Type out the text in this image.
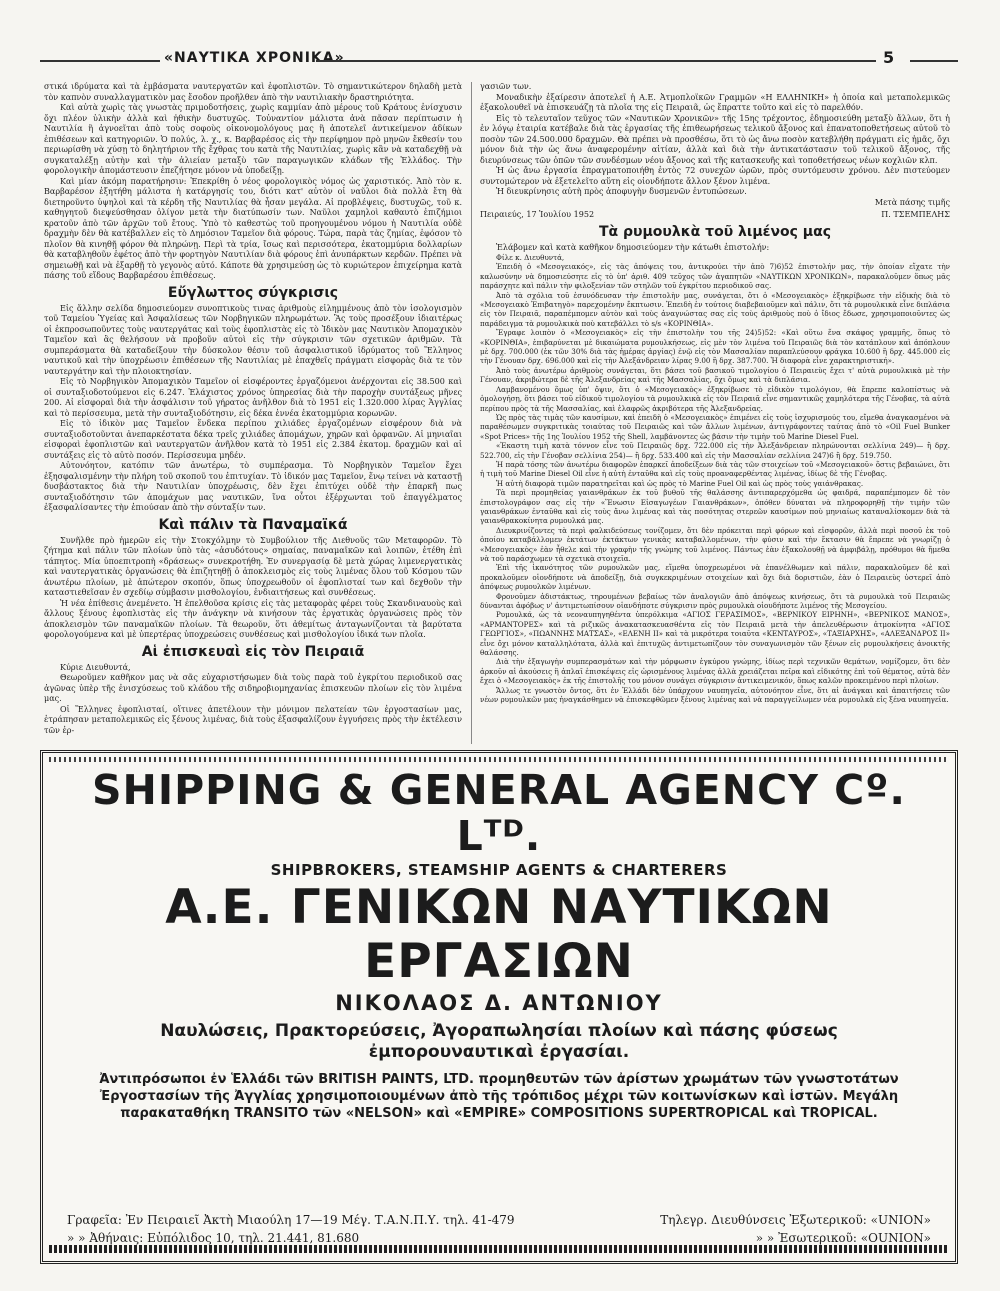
«ΝΑΥΤΙΚΑ ΧΡΟΝΙΚΑ»	5

στικά ιδρύματα καὶ τὰ ἐμβάσματα ναυτεργατῶν καὶ ἐφοπλιστῶν. Τὸ σημαντικώτερον δηλαδὴ μετὰ τὸν καπνὸν συναλλαγματικὸν μας ἔσοδον προῆλθεν ἀπὸ τὴν ναυτιλιακὴν δραστηριότητα.

Καὶ αὐτὰ χωρὶς τὰς γνωστὰς πριμοδοτήσεις, χωρὶς καμμίαν ἀπὸ μέρους τοῦ Κράτους ἐνίσχυσιν ὄχι πλέον ὑλικὴν ἀλλὰ καὶ ἠθικὴν δυστυχῶς. Τοὐναντίον μάλιστα ἀνὰ πᾶσαν περίπτωσιν ἡ Ναυτιλία ἢ ἀγνοεῖται ἀπὸ τοὺς σοφοὺς οἰκονομολόγους μας ἢ ἀποτελεῖ ἀντικείμενον ἀδίκων ἐπιθέσεων καὶ κατηγοριῶν. Ὁ πολύς, λ. χ., κ. Βαρβαρέσος εἰς τὴν περίφημον πρὸ μηνῶν ἔκθεσίν του περιωρίσθη νὰ χύσῃ τὸ δηλητήριον τῆς ἔχθρας του κατὰ τῆς Ναυτιλίας, χωρὶς κἂν νὰ καταδεχθῇ νὰ συγκαταλέξῃ αὐτὴν καὶ τὴν ἁλιείαν μεταξὺ τῶν παραγωγικῶν κλάδων τῆς Ἑλλάδος. Τὴν φορολογικὴν ἀπομάστευσιν ἐπεζήτησε μόνον νὰ ὑποδείξῃ.

Καὶ μίαν ἀκόμη παρατήρησιν: Ἐπεκρίθη ὁ νέος φορολογικὸς νόμος ὡς χαριστικός. Ἀπὸ τὸν κ. Βαρβαρέσον ἐξητήθη μάλιστα ἡ κατάργησίς του, διότι κατ' αὐτὸν οἱ ναῦλοι διὰ πολλὰ ἔτη θὰ διετηροῦντο ὑψηλοὶ καὶ τὰ κέρδη τῆς Ναυτιλίας θὰ ἦσαν μεγάλα. Αἱ προβλέψεις, δυστυχῶς, τοῦ κ. καθηγητοῦ διεψεύσθησαν ὀλίγον μετὰ τὴν διατύπωσίν των. Ναῦλοι χαμηλοὶ καθαυτὸ ἐπιζήμιοι κρατοῦν ἀπὸ τῶν ἀρχῶν τοῦ ἔτους. Ὑπὸ τὸ καθεστὼς τοῦ προηγουμένου νόμου ἡ Ναυτιλία οὐδὲ δραχμὴν δὲν θὰ κατέβαλλεν εἰς τὸ Δημόσιον Ταμεῖον διὰ φόρους. Τώρα, παρὰ τὰς ζημίας, ἐφόσον τὸ πλοῖον θὰ κινηθῇ φόρον θὰ πληρώνῃ. Περὶ τὰ τρία, ἴσως καὶ περισσότερα, ἑκατομμύρια δολλαρίων θὰ καταβληθοῦν ἐφέτος ἀπὸ τὴν φορτηγὸν Ναυτιλίαν διὰ φόρους ἐπὶ ἀνυπάρκτων κερδῶν. Πρέπει νὰ σημειωθῇ καὶ νὰ ἐξαρθῇ τὸ γεγονὸς αὐτό. Κάποτε θὰ χρησιμεύσῃ ὡς τὸ κυριώτερον ἐπιχείρημα κατὰ πάσης τοῦ εἴδους Βαρβαρέσου ἐπιθέσεως.

Εὔγλωττος σύγκρισις

Εἰς ἄλλην σελίδα δημοσιεύομεν συνοπτικοὺς τινας ἀριθμοὺς εἰλημμένους ἀπὸ τὸν ἰσολογισμὸν τοῦ Ταμείου Ὑγείας καὶ Ἀσφαλίσεως τῶν Νορβηγικῶν πληρωμάτων. Ἂς τοὺς προσέξουν ἰδιαιτέρως οἱ ἐκπροσωποῦντες τοὺς ναυτεργάτας καὶ τοὺς ἐφοπλιστὰς εἰς τὸ Ἰδικὸν μας Ναυτικὸν Ἀπομαχικὸν Ταμεῖον καὶ ἂς θελήσουν νὰ προβοῦν αὐτοὶ εἰς τὴν σύγκρισιν τῶν σχετικῶν ἀριθμῶν. Τὰ συμπεράσματα θὰ καταδείξουν τὴν δύσκολον θέσιν τοῦ ἀσφαλιστικοῦ ἱδρύματος τοῦ Ἕλληνος ναυτικοῦ καὶ τὴν ὑποχρέωσιν ἐπιθέσεων τῆς Ναυτιλίας μὲ ἐπαχθεῖς πράγματι εἰσφορὰς διὰ τε τὸν ναυτεργάτην καὶ τὴν πλοιοκτησίαν.

Εἰς τὸ Νορβηγικὸν Ἀπομαχικὸν Ταμεῖον οἱ εἰσφέροντες ἐργαζόμενοι ἀνέρχονται εἰς 38.500 καὶ οἱ συνταξιοδοτούμενοι εἰς 6.247. Ἐλάχιστος χρόνος ὑπηρεσίας διὰ τὴν παροχὴν συντάξεως μῆνες 200. Αἱ εἰσφοραὶ διὰ τὴν ἀσφάλισιν τοῦ γήρατος ἀνῆλθον διὰ τὸ 1951 εἰς 1.320.000 λίρας Ἀγγλίας καὶ τὸ περίσσευμα, μετὰ τὴν συνταξιοδότησιν, εἰς δέκα ἐννέα ἑκατομμύρια κορωνῶν.

Εἰς τὸ ἰδικὸν μας Ταμεῖον ἕνδεκα περίπου χιλιάδες ἐργαζομένων εἰσφέρουν διὰ νὰ συνταξιοδοτοῦνται ἀνεπαρκέστατα δέκα τρεῖς χιλιάδες ἀπομάχων, χηρῶν καὶ ὀρφανῶν. Αἱ μηνιαῖαι εἰσφοραὶ ἐφοπλιστῶν καὶ ναυτεργατῶν ἀνῆλθον κατὰ τὸ 1951 εἰς 2.384 ἑκατομ. δραχμῶν καὶ αἱ συντάξεις εἰς τὸ αὐτὸ ποσόν. Περίσσευμα μηδέν.

Αὐτονόητον, κατόπιν τῶν ἀνωτέρω, τὸ συμπέρασμα. Τὸ Νορβηγικὸν Ταμεῖον ἔχει ἐξησφαλισμένην τὴν πλήρη τοῦ σκοποῦ του ἐπιτυχίαν. Τὸ ἰδικόν μας Ταμεῖον, ἕνῳ τείνει νὰ καταστῇ δυσβάστακτος διὰ τὴν Ναυτιλίαν ὑποχρέωσις, δὲν ἔχει ἐπιτύχει οὐδὲ τὴν ἐπαρκῆ πως συνταξιοδότησιν τῶν ἀπομάχων μας ναυτικῶν, ἵνα οὗτοι ἐξέρχωνται τοῦ ἐπαγγέλματος ἐξασφαλίσαντες τὴν ἐπιούσαν ἀπὸ τὴν σύνταξίν των.

Καὶ πάλιν τὰ Παναμαϊκά

Συνῆλθε πρὸ ἡμερῶν εἰς τὴν Στοκχόλμην τὸ Συμβούλιον τῆς Διεθνοῦς τῶν Μεταφορῶν. Τὸ ζήτημα καὶ πάλιν τῶν πλοίων ὑπὸ τὰς «ἀσυδότους» σημαίας, παναμαϊκῶν καὶ λοιπῶν, ἐτέθη ἐπὶ τάπητος. Μία ὑποεπιτροπὴ «δράσεως» συνεκροτήθη. Ἐν συνεργασίᾳ δὲ μετὰ χώρας λιμενεργατικὰς καὶ ναυτεργατικὰς ὀργανώσεις θὰ ἐπιζητηθῇ ὁ ἀποκλεισμὸς εἰς τοὺς λιμένας ὅλου τοῦ Κόσμου τῶν ἀνωτέρω πλοίων, μὲ ἀπώτερον σκοπόν, ὅπως ὑποχρεωθοῦν οἱ ἐφοπλισταί των καὶ δεχθοῦν τὴν καταστιεθεῖσαν ἐν σχεδίῳ σύμβασιν μισθολογίου, ἐνδιαιτήσεως καὶ συνθέσεως.

Ἡ νέα ἐπίθεσις ἀνεμένετο. Ἡ ἐπελθοῦσα κρίσις εἰς τὰς μεταφορὰς φέρει τοὺς Σκανδιναυοὺς καὶ ἄλλους ξένους ἐφοπλιστὰς εἰς τὴν ἀνάγκην νὰ κινήσουν τὰς ἐργατικὰς ὀργανώσεις πρὸς τὸν ἀποκλεισμὸν τῶν παναμαϊκῶν πλοίων. Τὰ θεωροῦν, ὅτι ἀθεμίτως ἀνταγωνίζονται τὰ βαρύτατα φορολογούμενα καὶ μὲ ὑπερτέρας ὑποχρεώσεις συνθέσεως καὶ μισθολογίου ἰδικά των πλοῖα.

Αἱ ἐπισκευαὶ εἰς τὸν Πειραιᾶ

Κύριε Διευθυντά,

Θεωροῦμεν καθῆκον μας νὰ σᾶς εὐχαριστήσωμεν διὰ τοὺς παρὰ τοῦ ἐγκρίτου περιοδικοῦ σας ἀγῶνας ὑπὲρ τῆς ἐνισχύσεως τοῦ κλάδου τῆς σιδηροβιομηχανίας ἐπισκευῶν πλοίων εἰς τὸν λιμένα μας.

Οἱ Ἕλληνες ἐφοπλισταί, οἵτινες ἀπετέλουν τὴν μόνιμον πελατείαν τῶν ἐργοστασίων μας, ἐτράπησαν μεταπολεμικῶς εἰς ξένους λιμένας, διὰ τοὺς ἐξασφαλίζουν ἐγγυήσεις πρὸς τὴν ἐκτέλεσιν τῶν ἐρ-

γασιῶν των.

Μοναδικὴν ἐξαίρεσιν ἀποτελεῖ ἡ Α.Ε. Ἀτμοπλοϊκῶν Γραμμῶν «Η ΕΛΛΗΝΙΚΗ» ἡ ὁποία καὶ μεταπολεμικῶς ἐξακολουθεῖ νὰ ἐπισκευάζῃ τὰ πλοῖα της εἰς Πειραιᾶ, ὡς ἔπραττε τοῦτο καὶ εἰς τὸ παρελθόν.

Εἰς τὸ τελευταῖον τεῦχος τῶν «Ναυτικῶν Χρονικῶν» τῆς 15ης τρέχοντος, ἐδημοσιεύθη μεταξὺ ἄλλων, ὅτι ἡ ἐν λόγῳ ἑταιρία κατέβαλε διὰ τὰς ἐργασίας τῆς ἐπιθεωρήσεως τελικοῦ ἄξονος καὶ ἐπανατοποθετήσεως αὐτοῦ τὸ ποσὸν τῶν 24.500.000 δραχμῶν. Θὰ πρέπει νὰ προσθέσω, ὅτι τὸ ὡς ἄνω ποσὸν κατεβλήθη πράγματι εἰς ἡμᾶς, ὄχι μόνον διὰ τὴν ὡς ἄνω ἀναφερομένην αἰτίαν, ἀλλὰ καὶ διὰ τὴν ἀντικατάστασιν τοῦ τελικοῦ ἄξονος, τῆς διευρύνσεως τῶν ὀπῶν τῶν συνδέσμων νέου ἄξονος καὶ τῆς κατασκευῆς καὶ τοποθετήσεως νέων κοχλιῶν κλπ.

Ἡ ὡς ἄνω ἐργασία ἐπραγματοποιήθη ἐντὸς 72 συνεχῶν ὡρῶν, πρὸς συντόμευσιν χρόνου. Δὲν πιστεύομεν συντομώτερον νὰ ἐξετελεῖτο αὕτη εἰς οἱονδήποτε ἄλλον ξένον λιμένα.

Ἡ διευκρίνησις αὐτὴ πρὸς ἀποφυγὴν δυσμενῶν ἐντυπώσεων.

Μετὰ πάσης τιμῆς
Πειραιεύς, 17 Ἰουλίου 1952	Π. ΤΣΕΜΠΕΛΗΣ
Τὰ ρυμουλκὰ τοῦ λιμένος μας

Ἐλάβομεν καὶ κατὰ καθῆκον δημοσιεύομεν τὴν κάτωθι ἐπιστολήν:

Φίλε κ. Διευθυντά,

Ἐπειδὴ ὁ «Μεσογειακός», εἰς τὰς ἀπόψεις του, ἀντικρούει τὴν ἀπὸ 7)6)52 ἐπιστολήν μας, τὴν ὁποίαν εἴχατε τὴν καλωσύνην νὰ δημοσιεύσητε εἰς τὸ ὑπ' ἀριθ. 409 τεῦχος τῶν ἀγαπητῶν «ΝΑΥΤΙΚΩΝ ΧΡΟΝΙΚΩΝ», παρακαλοῦμεν ὅπως μᾶς παράσχητε καὶ πάλιν τὴν φιλοξενίαν τῶν στηλῶν τοῦ ἐγκρίτου περιοδικοῦ σας.

Ἀπὸ τὰ σχόλια τοῦ ἐσυνόδευσαν τὴν ἐπιστολὴν μας, συνάγεται, ὅτι ὁ «Μεσογειακὸς» ἐξηκρίβωσε τὴν εἰδικὴς διὰ τὸ «Μεσογειακὸ Ἐπιβατηγὸ» παρεχομένην ἔκπτωσιν. Ἐπειδὴ ἐν τούτοις διαβεβαιοῦμεν καὶ πάλιν, ὅτι τὰ ρυμουλκικὰ εἶνε διπλάσια εἰς τὸν Πειραιᾶ, παραπέμπομεν αὐτὸν καὶ τοὺς ἀναγνώστας σας εἰς τοὺς ἀριθμοὺς ποὺ ὁ ἴδιος ἔδωσε, χρησιμοποιοῦντες ὡς παράδειγμα τὰ ρυμουλκικὰ ποὺ κατεβάλλει τὸ s/s «ΚΟΡΙΝΘΙΑ».

Ἔγραφε λοιπὸν ὁ «Μεσογειακὸς» εἰς τὴν ἐπιστολὴν του τῆς 24)5)52: «Καὶ οὕτω ἕνα σκάφος γραμμῆς, ὅπως τὸ «ΚΟΡΙΝΘΙΑ», ἐπιβαρύνεται μὲ δικαιώματα ρυμουλκήσεως, εἰς μὲν τὸν λιμένα τοῦ Πειραιῶς διὰ τὸν κατάπλουν καὶ ἀπόπλουν μὲ δρχ. 700.000 (ἐκ τῶν 30% διὰ τὰς ἡμέρας ἀργίας) ἐνῷ εἰς τὸν Μασσαλίαν παραπλεύσουν φράγκα 10.600 ἢ δρχ. 445.000 εἰς τὴν Γένουαν δρχ. 696.000 καὶ εἰς τὴν Ἀλεξάνδρειαν λίρας 9.00 ἢ δρχ. 387.700. Ἡ διαφορὰ εἶνε χαρακτηριστική».

Ἀπὸ τοὺς ἀνωτέρω ἀριθμοὺς συνάγεται, ὅτι βάσει τοῦ βασικοῦ τιμολογίου ὁ Πειραιεὺς ἔχει τ' αὐτὰ ρυμουλκικὰ μὲ τὴν Γένουαν, ἀκριβώτερα δὲ τῆς Ἀλεξανδρείας καὶ τῆς Μασσαλίας, ὄχι ὅμως καὶ τὰ διπλάσια.

Λαμβανομένου ὅμως ὑπ' ὄψιν, ὅτι ὁ «Μεσογειακὸς» ἐξηκρίβωσε τὸ εἰδικὸν τιμολόγιον, θὰ ἔπρεπε καλοπίστως νὰ ὁμολογήσῃ, ὅτι βάσει τοῦ εἰδικοῦ τιμολογίου τὰ ρυμουλκικὰ εἰς τὸν Πειραιᾶ εἶνε σημαντικῶς χαμηλότερα τῆς Γένοβας, τὰ αὐτὰ περίπου πρὸς τὰ τῆς Μασσαλίας, καὶ ἐλαφρῶς ἀκριβότερα τῆς Ἀλεξανδρείας.

Ὡς πρὸς τὰς τιμὰς τῶν καυσίμων, καὶ ἐπειδὴ ὁ «Μεσογειακὸς» ἐπιμένει εἰς τοὺς ἰσχυρισμούς του, εἴμεθα ἀναγκασμένοι νὰ παραθέσωμεν συγκριτικὰς τοιαύτας τοῦ Πειραιῶς καὶ τῶν ἄλλων λιμένων, ἀντιγράφοντες ταύτας ἀπὸ τὸ «Oil Fuel Bunker «Spot Prices» τῆς 1ης Ἰουλίου 1952 τῆς Shell, λαμβάνοντες ὡς βάσιν τὴν τιμὴν τοῦ Marine Diesel Fuel.

«Ἐκαστη τιμὴ κατὰ τόννον εἶνε τοῦ Πειραιῶς δρχ. 722.000 εἰς τὴν Ἀλεξάνδρειαν πληρώνονται σελλίνια 249)— ἢ δρχ. 522.700, εἰς τὴν Γένοβαν σελλίνια 254)— ἢ δρχ. 533.400 καὶ εἰς τὴν Μασσαλίαν σελλίνια 247)6 ἢ δρχ. 519.750.

Ἡ παρὰ τόσης τῶν ἀνωτέρω διαφορῶν ἐπαρκεῖ ἀποδείξεων διὰ τὰς τῶν στοιχείων τοῦ «Μεσογειακοῦ» ὅστις βεβαιώνει, ὅτι ἡ τιμὴ τοῦ Marine Diesel Oil εἶνε ἡ αὐτὴ ἐνταῦθα καὶ εἰς τοὺς προαναφερθέντας λιμένας, ἰδίως δὲ τῆς Γένοβας.

Ἡ αὐτὴ διαφορὰ τιμῶν παρατηρεῖται καὶ ὡς πρὸς τὸ Marine Fuel Oil καὶ ὡς πρὸς τοὺς γαιάνθρακας.

Τὰ περὶ προμηθείας γαιανθράκων ἐκ τοῦ βυθοῦ τῆς θαλάσσης ἀντιπαρερχόμεθα ὡς φαιδρά, παραπέμπομεν δὲ τὸν ἐπιστολογράφον σας εἰς τὴν «Ἕνωσιν Εἰσαγωγέων Γαιανθράκων», ὁπόθεν δύναται νὰ πληροφορηθῇ τὴν τιμὴν τῶν γαιανθράκων ἐνταῦθα καὶ εἰς τοὺς ἄνω λιμένας καὶ τὰς ποσότητας στερεῶν καυσίμων ποὺ μηνιαίως καταναλίσκομεν διὰ τὰ γαιανθρακοκίνητα ρυμουλκά μας.

Διευκρινίζοντες τὰ περὶ φαλκιδεύσεως τονίζομεν, ὅτι δὲν πρόκειται περὶ φόρων καὶ εἰσφορῶν, ἀλλὰ περὶ ποσοῦ ἐκ τοῦ ὁποίου καταβάλλομεν ἐκτάτων ἐκτάκτων γενικὰς καταβαλλομένων, τὴν φύσιν καὶ τὴν ἔκτασιν θὰ ἔπρεπε νὰ γνωρίζῃ ὁ «Μεσογειακὸς» ἐὰν ἦθελε καὶ τὴν γραφὴν τῆς γνώμης τοῦ λιμένος. Πάντως ἐὰν ἐξακολουθῇ νὰ ἀμφιβάλῃ, πρόθυμοι θὰ ἤμεθα νὰ τοῦ παράσχωμεν τὰ σχετικὰ στοιχεῖα.

Ἐπὶ τῆς ἱκανότητος τῶν ρυμουλκῶν μας, εἴμεθα ὑποχρεωμένοι νὰ ἐπανέλθωμεν καὶ πάλιν, παρακαλοῦμεν δὲ καὶ προκαλοῦμεν οἱονδήποτε νὰ ἀποδείξῃ, διὰ συγκεκριμένων στοιχείων καὶ ὄχι διὰ δοριστιῶν, ἐὰν ὁ Πειραιεὺς ὑστερεῖ ἀπὸ ἀπόψεως ρυμουλκῶν λιμένων.

Φρονοῦμεν ἀδιστάκτως, τηρουμένων βεβαίως τῶν ἀναλογιῶν ἀπὸ ἀπόψεως κινήσεως, ὅτι τὰ ρυμουλκὰ τοῦ Πειραιῶς δύνανται ἀφόβως ν' ἀντιμετωπίσουν οἱανδήποτε σύγκρισιν πρὸς ρυμουλκὰ οἱουδήποτε λιμένος τῆς Μεσογείου.

Ρυμουλκά, ὡς τὰ νεοναυπηγηθέντα ὑπερόλκιμα «ΑΓΙΟΣ ΓΕΡΑΣΙΜΟΣ», «ΒΕΡΝΙΚΟΥ ΕΙΡΗΝΗ», «ΒΕΡΝΙΚΟΣ ΜΑΝΟΣ», «ΑΡΜΑΝΤΟΡΕΣ» καὶ τὰ ριζικῶς ἀνακατασκευασθέντα εἰς τὸν Πειραιᾶ μετὰ τὴν ἀπελευθέρωσιν ἀτμοκίνητα «ΑΓΙΟΣ ΓΕΩΡΓΙΟΣ», «ΠΩΑΝΝΗΣ ΜΑΤΣΑΣ», «ΕΛΕΝΗ II» καὶ τὰ μικρότερα τοιαῦτα «ΚΕΝΤΑΥΡΟΣ», «ΤΑΞΙΑΡΧΗΣ», «ΑΛΕΞΑΝΔΡΟΣ II» εἶνε ὄχι μόνον καταλληλότατα, ἀλλὰ καὶ ἐπιτυχῶς ἀντιμετωπίζουν τὸν συναγωνισμὸν τῶν ξένων εἰς ρυμουλκήσεις ἀνοικτῆς θαλάσσης.

Διὰ τὴν ἐξαγωγὴν συμπερασμάτων καὶ τὴν μόρφωσιν ἐγκύρου γνώμης, ἰδίως περὶ τεχνικῶν θεμάτων, νομίζομεν, ὅτι δὲν ἀρκοῦν αἱ ἀκούσεις ἢ ἀπλαῖ ἐπισκέψεις εἰς ὡρισμένους λιμένας ἀλλὰ χρειάζεται πεῖρα καὶ εἰδικότης ἐπὶ τοῦ θέματος, αὐτὰ δὲν ἔχει ὁ «Μεσογειακὸς» ἐκ τῆς ἐπιστολῆς του μόνον συνάγει σύγκρισιν ἀντικειμενικόν, ὅπως καλῶν προκειμένου περὶ πλοίων.

Ἄλλως τε γνωστὸν ὄντος, ὅτι ἐν Ἑλλάδι δὲν ὑπάρχουν ναυπηγεῖα, αὐτονόητον εἶνε, ὅτι αἱ ἀνάγκαι καὶ ἀπαιτήσεις τῶν νέων ρυμουλκῶν μας ἠναγκάσθημεν νὰ ἐπισκεφθῶμεν ξένους λιμένας καὶ νὰ παραγγείλωμεν νέα ρυμουλκὰ εἰς ξένα ναυπηγεῖα.

SHIPPING & GENERAL AGENCY Cº. Lᵀᴰ.
SHIPBROKERS, STEAMSHIP AGENTS & CHARTERERS
Α.Ε. ΓΕΝΙΚΩΝ ΝΑΥΤΙΚΩΝ ΕΡΓΑΣΙΩΝ
ΝΙΚΟΛΑΟΣ Δ. ΑΝΤΩΝΙΟΥ
Ναυλώσεις, Πρακτορεύσεις, Ἀγοραπωλησίαι πλοίων καὶ πάσης φύσεως ἐμπορουναυτικαὶ ἐργασίαι.
Ἀντιπρόσωποι ἐν Ἑλλάδι τῶν BRITISH PAINTS, LTD. προμηθευτῶν τῶν ἀρίστων χρωμάτων τῶν γνωστοτάτων Ἐργοστασίων τῆς Ἀγγλίας χρησιμοποιουμένων ἀπὸ τῆς τρόπιδος μέχρι τῶν κοιτωνίσκων καὶ ἱστῶν. Μεγάλη παρακαταθήκη TRANSITO τῶν «NELSON» καὶ «EMPIRE» COMPOSITIONS SUPERTROPICAL καὶ TROPICAL.
Γραφεῖα: Ἐν Πειραιεῖ Ἀκτὴ Μιαούλη 17—19 Μέγ. Τ.Α.Ν.Π.Υ. τηλ. 41-479	Τηλεγρ. Διευθύνσεις Ἐξωτερικοῦ: «UNION»
» » Ἀθήναις: Εὐπόλιδος 10, τηλ. 21.441, 81.680	» » Ἐσωτερικοῦ: «OUNION»
